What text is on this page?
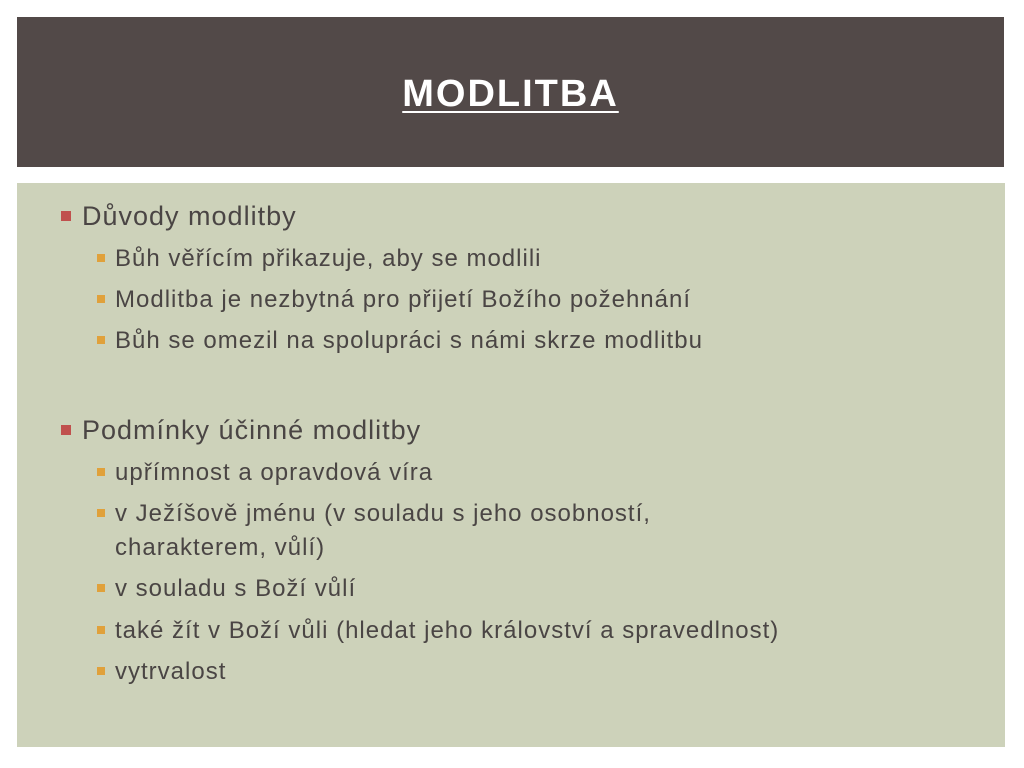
MODLITBA
Důvody modlitby
Bůh věřícím přikazuje, aby se modlili
Modlitba je nezbytná pro přijetí Božího požehnání
Bůh se omezil na spolupráci s námi skrze modlitbu
Podmínky účinné modlitby
upřímnost a opravdová víra
v Ježíšově jménu (v souladu s jeho osobností, charakterem, vůlí)
v souladu s Boží vůlí
také žít v Boží vůli (hledat jeho království a spravedlnost)
vytrvalost
